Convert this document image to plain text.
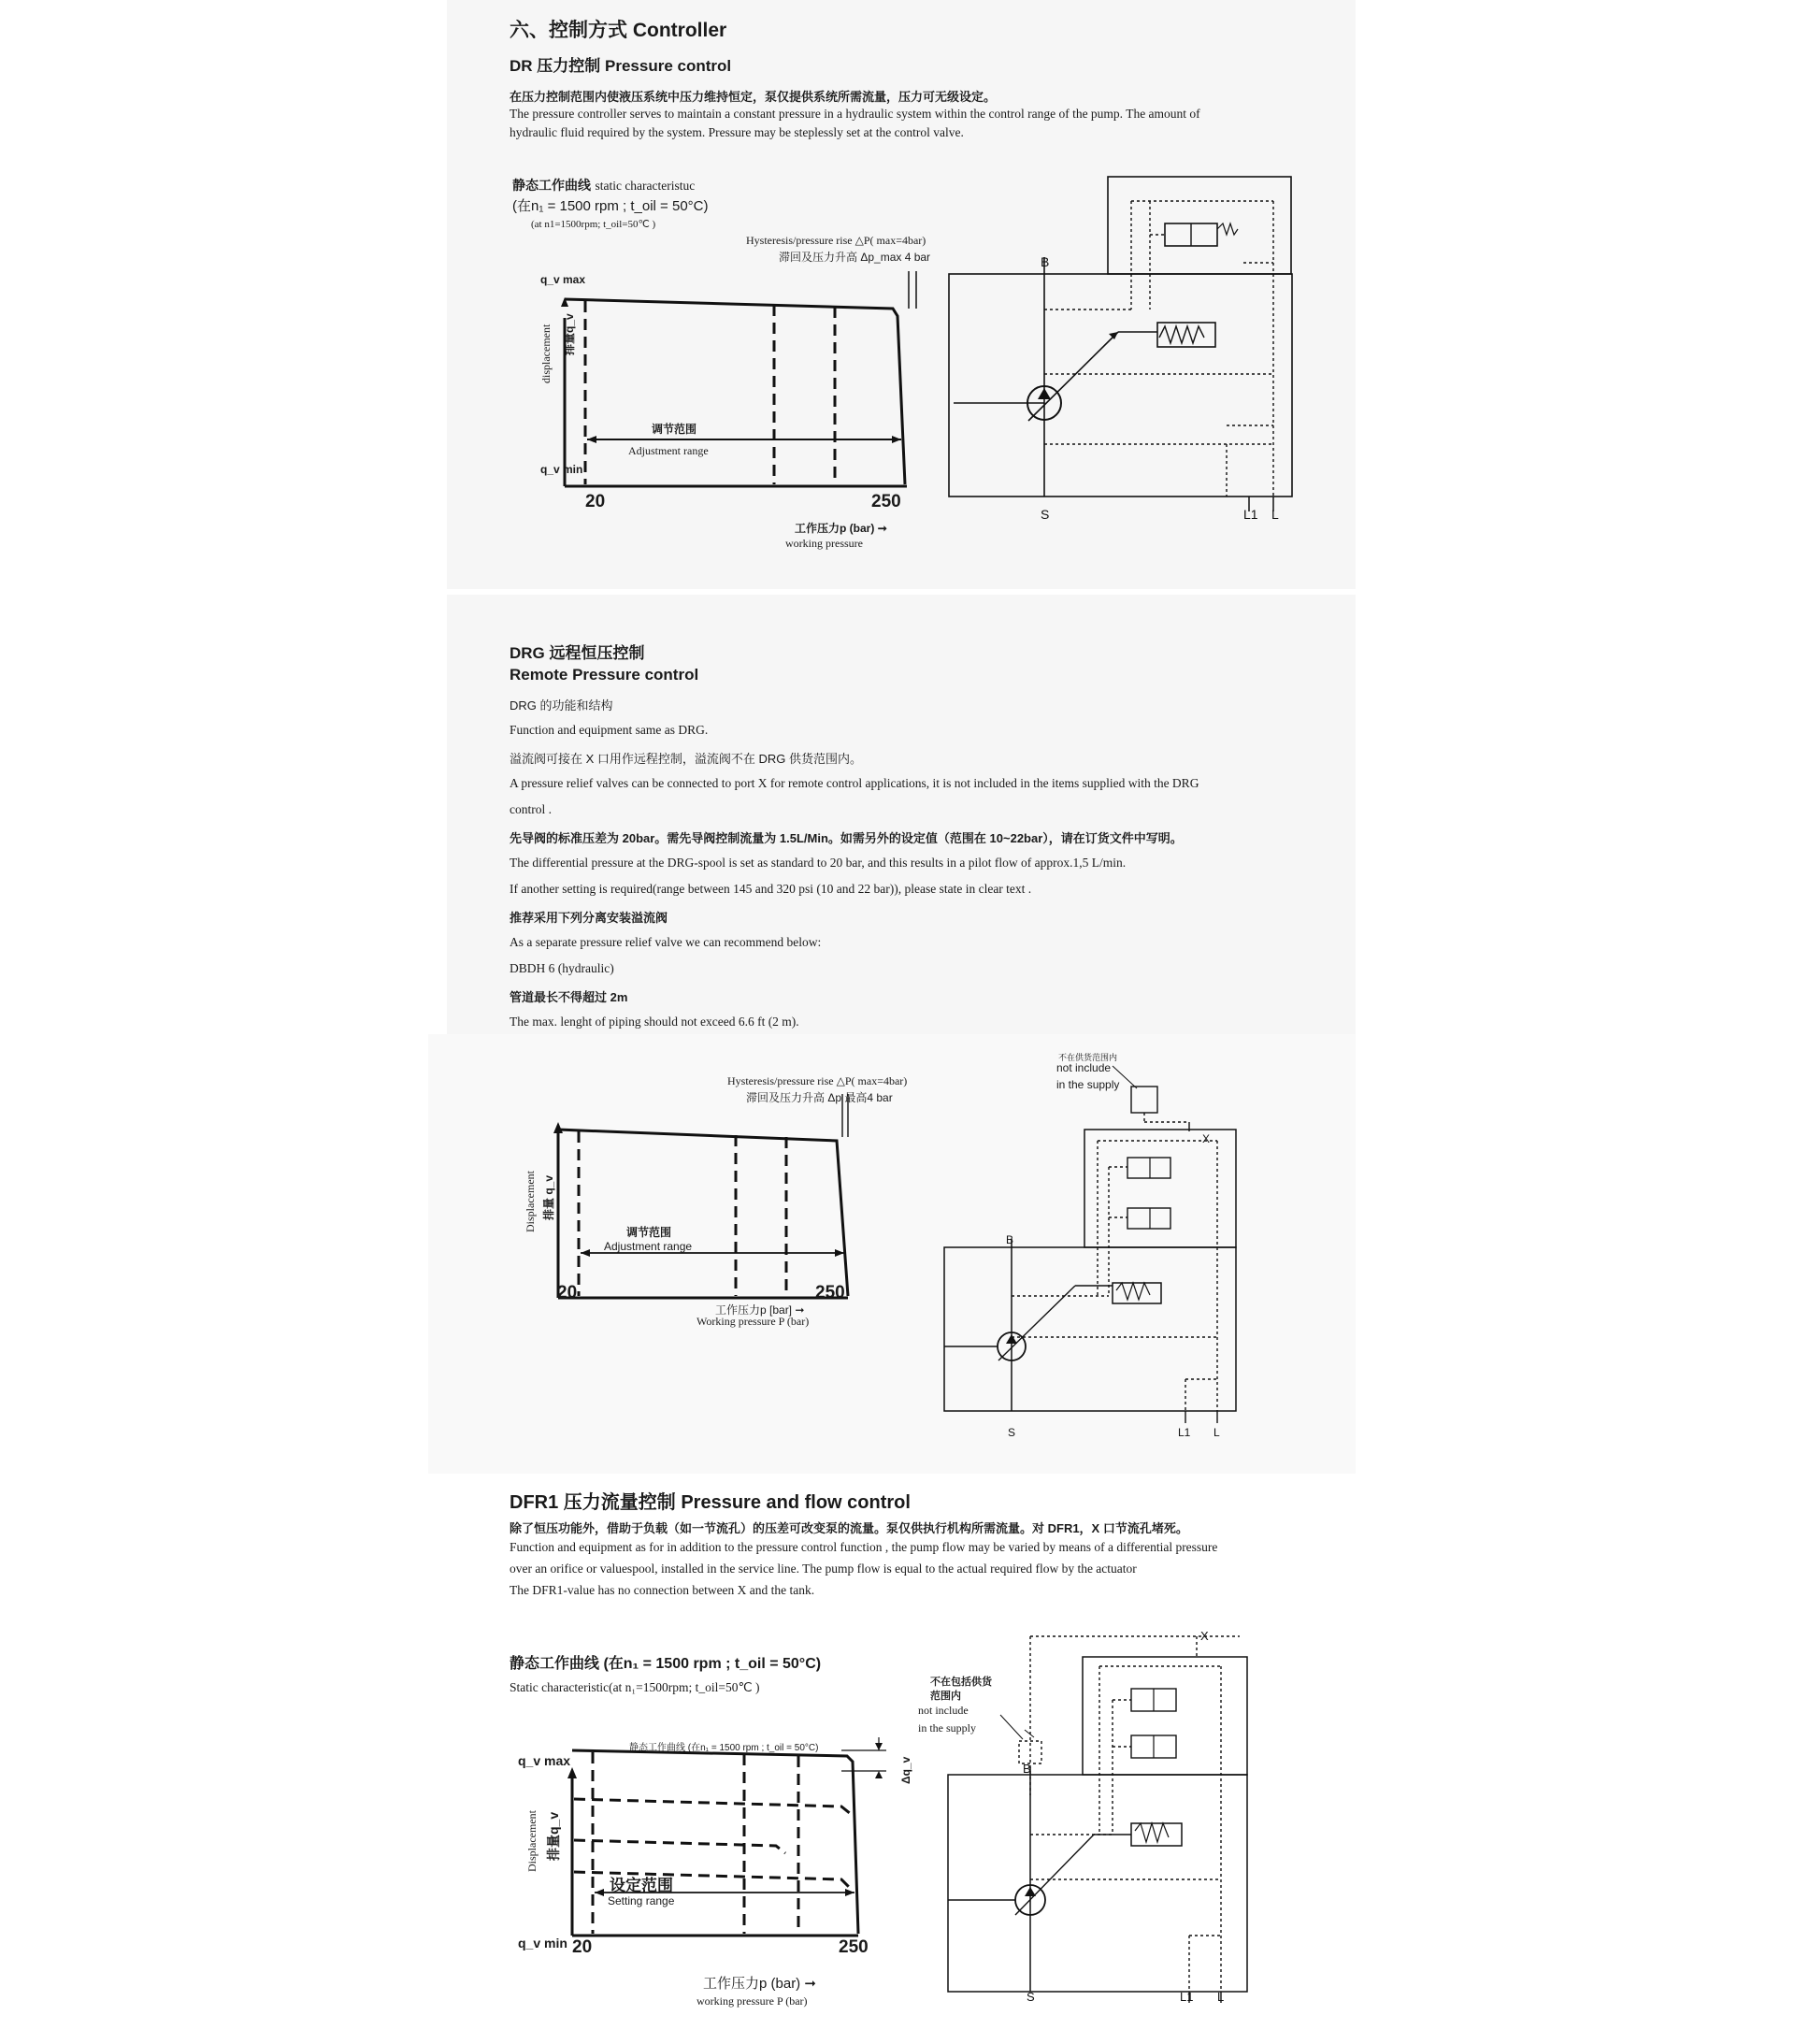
六、控制方式 Controller
DR 压力控制 Pressure control
在压力控制范围内使液压系统中压力维持恒定，泵仅提供系统所需流量，压力可无级设定。
The pressure controller serves to maintain a constant pressure in a hydraulic system within the control range of the pump. The amount of
hydraulic fluid required by the system. Pressure may be steplessly set at the control valve.
静态工作曲线 static characteristuc
(在n₁ = 1500 rpm ; t_oil = 50°C)
(at n1=1500rpm; t_oil=50℃ )
Hysteresis/pressure rise △P( max=4bar)
滞回及压力升高 Δp_max 4 bar
q_v max
q_v min
displacement 排量q_v
调节范围
Adjustment range
20	250
工作压力p (bar) ➞
working pressure
B
S	L1 L
DRG 远程恒压控制
Remote Pressure control
DRG 的功能和结构
Function and equipment same as DRG.
溢流阀可接在 X 口用作远程控制，溢流阀不在 DRG 供货范围内。
A pressure relief valves can be connected to port X for remote control applications, it is not included in the items supplied with the DRG
control .
先导阀的标准压差为 20bar。需先导阀控制流量为 1.5L/Min。如需另外的设定值（范围在 10~22bar），请在订货文件中写明。
The differential pressure at the DRG-spool is set as standard to 20 bar, and this results in a pilot flow of approx.1,5 L/min.
If another setting is required(range between 145 and 320 psi (10 and 22 bar)), please state in clear text .
推荐采用下列分离安装溢流阀
As a separate pressure relief valve we can recommend below:
DBDH 6 (hydraulic)
管道最长不得超过 2m
The max. lenght of piping should not exceed 6.6 ft (2 m).
Hysteresis/pressure rise △P( max=4bar)
滞回及压力升高 Δp 最高4 bar
Displacement 排量 q_v
调节范围
Adjustment range
20	250
工作压力p [bar] ➞
Working pressure P (bar)
不在供货范围内
not include
in the supply
X
B
S	L1 L
DFR1 压力流量控制 Pressure and flow control
除了恒压功能外，借助于负载（如一节流孔）的压差可改变泵的流量。泵仅供执行机构所需流量。对 DFR1，X 口节流孔堵死。
Function and equipment as for in addition to the pressure control function , the pump flow may be varied by means of a differential pressure
over an orifice or valuespool, installed in the service line. The pump flow is equal to the actual required flow by the actuator
The DFR1-value has no connection between X and the tank.
静态工作曲线 (在n₁ = 1500 rpm ; t_oil = 50°C)
Static characteristic(at n₁=1500rpm; t_oil=50℃ )
静态工作曲线 (在n₁ = 1500 rpm ; t_oil = 50°C)
Δq_v
q_v max
q_v min
Displacement 排量q_v
设定范围
Setting range
20	250
工作压力p (bar) ➞
working pressure P (bar)
不在包括供货
范围内
not include
in the supply
X
B
S	L1 L
